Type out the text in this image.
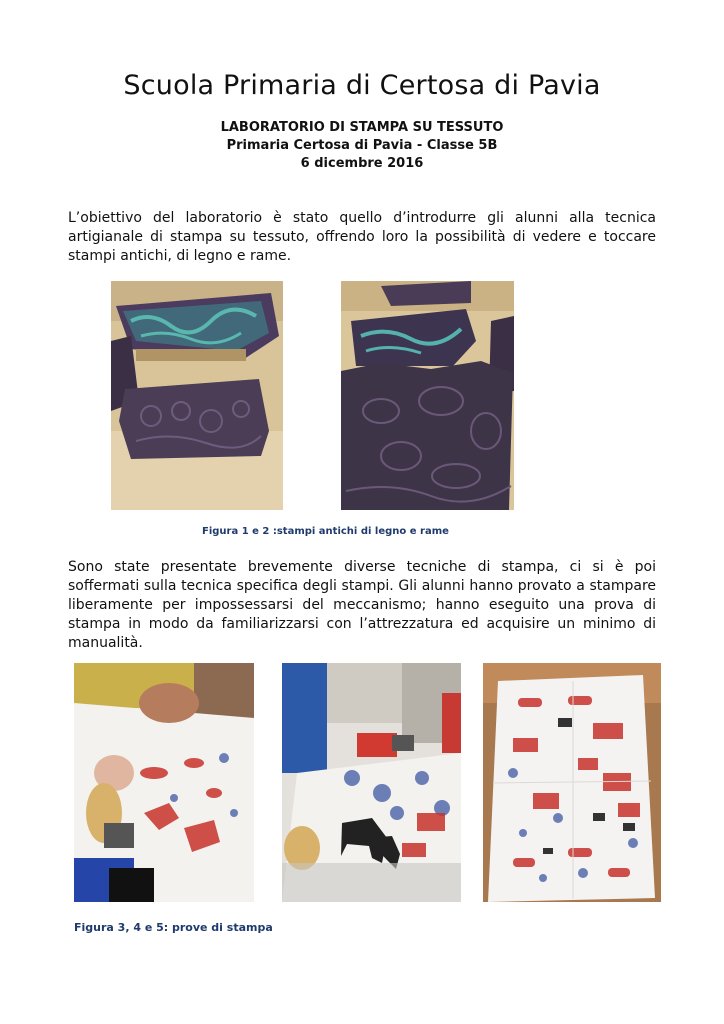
Scuola Primaria di Certosa di Pavia
LABORATORIO DI STAMPA SU TESSUTO
Primaria Certosa di Pavia - Classe 5B
6 dicembre 2016
L’obiettivo del laboratorio è stato quello d’introdurre gli alunni alla tecnica artigianale di stampa su tessuto, offrendo loro la possibilità di vedere e toccare stampi antichi, di legno e rame.
Figura 1 e 2 :stampi antichi di legno e rame
Sono state presentate brevemente diverse tecniche di stampa, ci si è poi soffermati sulla tecnica specifica degli stampi. Gli alunni hanno provato a stampare liberamente per impossessarsi del meccanismo; hanno eseguito una prova di stampa in modo da familiarizzarsi con l’attrezzatura ed acquisire un minimo di manualità.
Figura 3, 4 e 5: prove di stampa
